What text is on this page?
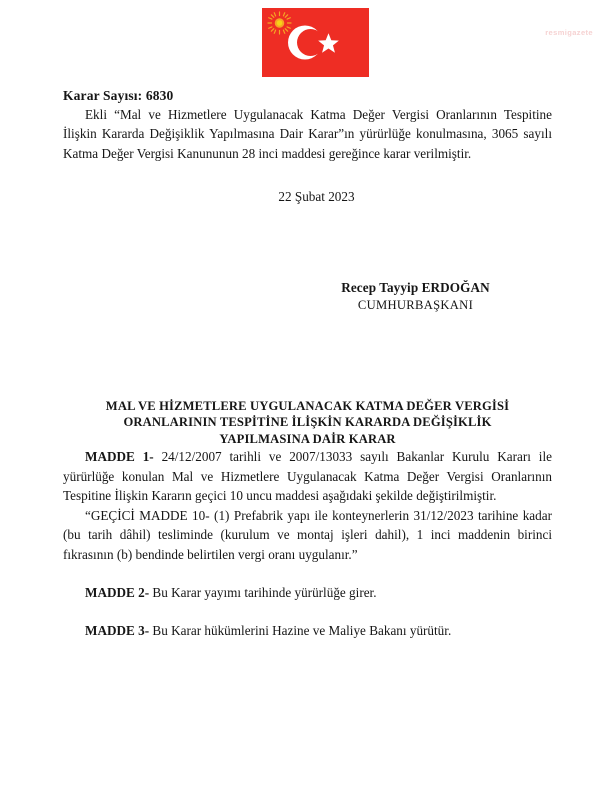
resmigazete
Karar Sayısı: 6830

Ekli “Mal ve Hizmetlere Uygulanacak Katma Değer Vergisi Oranlarının Tespitine İlişkin Kararda Değişiklik Yapılmasına Dair Karar”ın yürürlüğe konulmasına, 3065 sayılı Katma Değer Vergisi Kanununun 28 inci maddesi gereğince karar verilmiştir.

22 Şubat 2023
Recep Tayyip ERDOĞAN
CUMHURBAŞKANI
MAL VE HİZMETLERE UYGULANACAK KATMA DEĞER VERGİSİ
ORANLARININ TESPİTİNE İLİŞKİN KARARDA DEĞİŞİKLİK
YAPILMASINA DAİR KARAR

MADDE 1- 24/12/2007 tarihli ve 2007/13033 sayılı Bakanlar Kurulu Kararı ile yürürlüğe konulan Mal ve Hizmetlere Uygulanacak Katma Değer Vergisi Oranlarının Tespitine İlişkin Kararın geçici 10 uncu maddesi aşağıdaki şekilde değiştirilmiştir.

“GEÇİCİ MADDE 10- (1) Prefabrik yapı ile konteynerlerin 31/12/2023 tarihine kadar (bu tarih dâhil) tesliminde (kurulum ve montaj işleri dahil), 1 inci maddenin birinci fıkrasının (b) bendinde belirtilen vergi oranı uygulanır.”

MADDE 2- Bu Karar yayımı tarihinde yürürlüğe girer.

MADDE 3- Bu Karar hükümlerini Hazine ve Maliye Bakanı yürütür.
